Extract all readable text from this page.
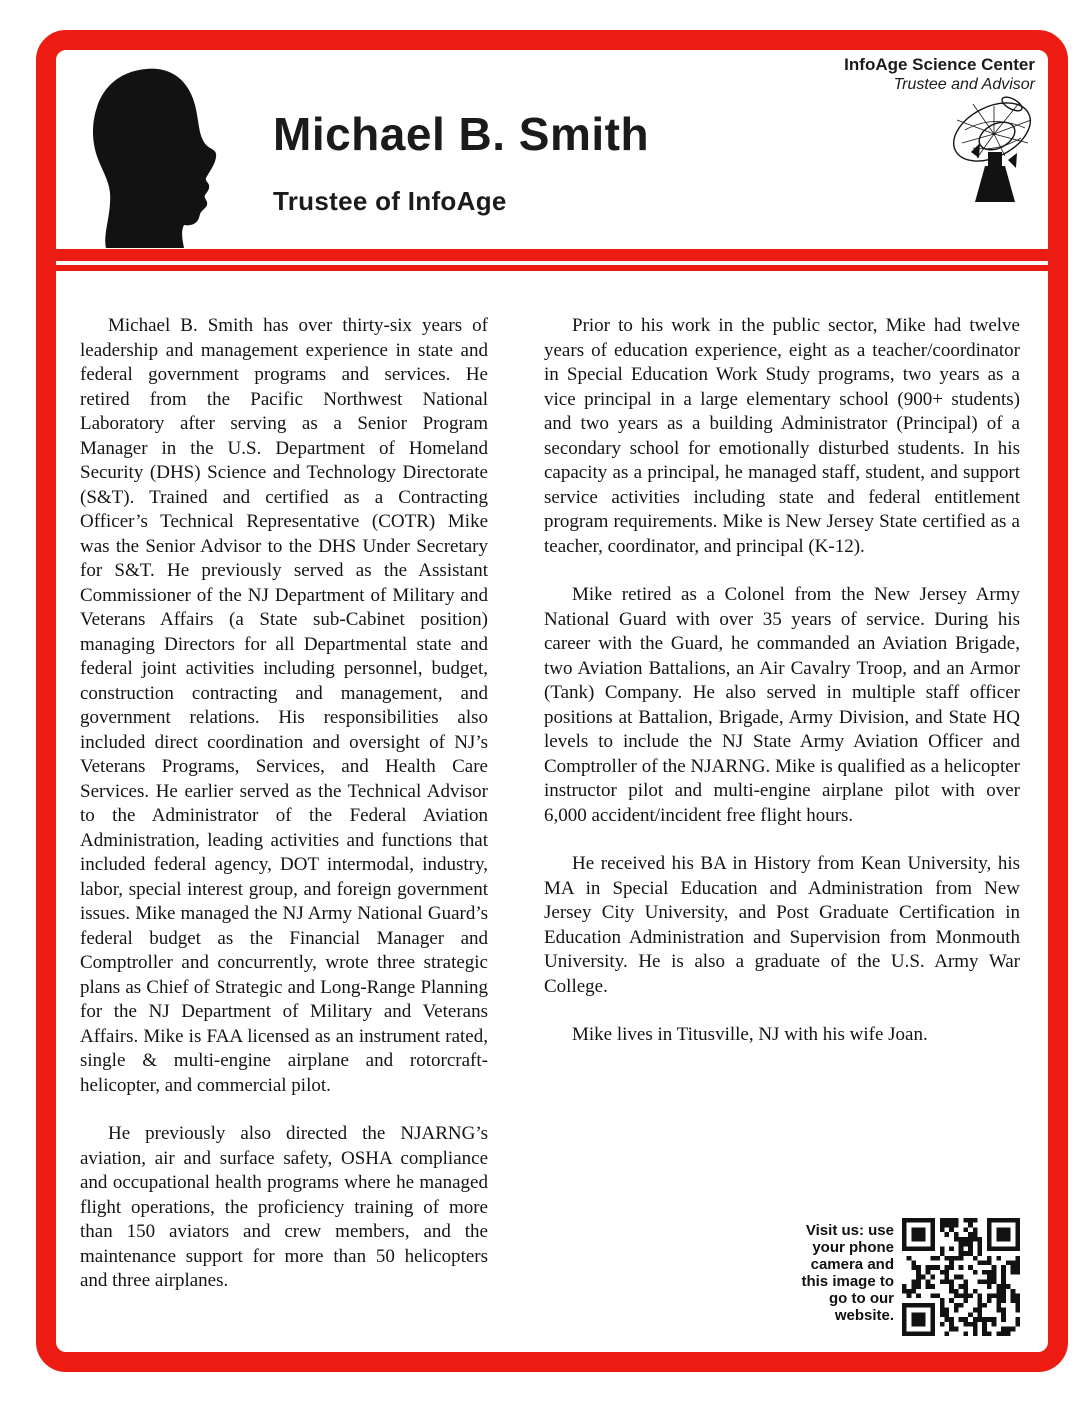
Michael B. Smith
Trustee of InfoAge
InfoAge Science Center
Trustee and Advisor

Michael B. Smith has over thirty-six years of leadership and management experience in state and federal government programs and services. He retired from the Pacific Northwest National Laboratory after serving as a Senior Program Manager in the U.S. Department of Homeland Security (DHS) Science and Technology Directorate (S&T). Trained and certified as a Contracting Officer’s Technical Representative (COTR) Mike was the Senior Advisor to the DHS Under Secretary for S&T. He previously served as the Assistant Commissioner of the NJ Department of Military and Veterans Affairs (a State sub-Cabinet position) managing Directors for all Departmental state and federal joint activities including personnel, budget, construction contracting and management, and government relations. His responsibilities also included direct coordination and oversight of NJ’s Veterans Programs, Services, and Health Care Services. He earlier served as the Technical Advisor to the Administrator of the Federal Aviation Administration, leading activities and functions that included federal agency, DOT intermodal, industry, labor, special interest group, and foreign government issues. Mike managed the NJ Army National Guard’s federal budget as the Financial Manager and Comptroller and concurrently, wrote three strategic plans as Chief of Strategic and Long-Range Planning for the NJ Department of Military and Veterans Affairs. Mike is FAA licensed as an instrument rated, single & multi-engine airplane and rotorcraft- helicopter, and commercial pilot.

He previously also directed the NJARNG’s aviation, air and surface safety, OSHA compliance and occupational health programs where he managed flight operations, the proficiency training of more than 150 aviators and crew members, and the maintenance support for more than 50 helicopters and three airplanes.

Prior to his work in the public sector, Mike had twelve years of education experience, eight as a teacher/coordinator in Special Education Work Study programs, two years as a vice principal in a large elementary school (900+ students) and two years as a building Administrator (Principal) of a secondary school for emotionally disturbed students. In his capacity as a principal, he managed staff, student, and support service activities including state and federal entitlement program requirements. Mike is New Jersey State certified as a teacher, coordinator, and principal (K-12).

Mike retired as a Colonel from the New Jersey Army National Guard with over 35 years of service. During his career with the Guard, he commanded an Aviation Brigade, two Aviation Battalions, an Air Cavalry Troop, and an Armor (Tank) Company. He also served in multiple staff officer positions at Battalion, Brigade, Army Division, and State HQ levels to include the NJ State Army Aviation Officer and Comptroller of the NJARNG. Mike is qualified as a helicopter instructor pilot and multi-engine airplane pilot with over 6,000 accident/incident free flight hours.

He received his BA in History from Kean University, his MA in Special Education and Administration from New Jersey City University, and Post Graduate Certification in Education Administration and Supervision from Monmouth University. He is also a graduate of the U.S. Army War College.

Mike lives in Titusville, NJ with his wife Joan.

Visit us: use your phone camera and this image to go to our website.
